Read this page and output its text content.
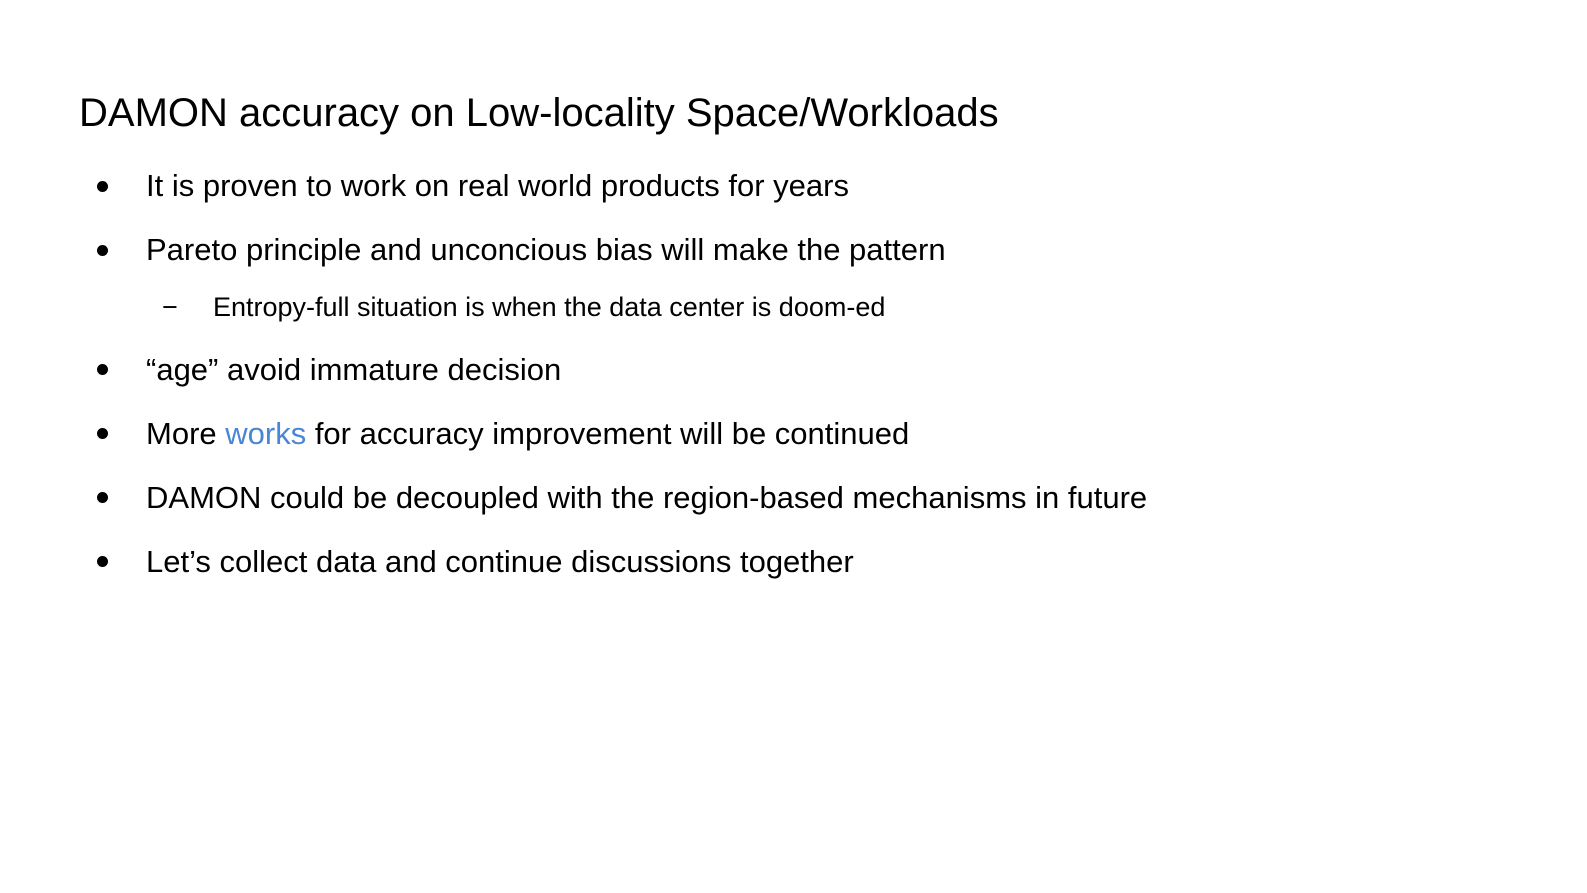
DAMON accuracy on Low-locality Space/Workloads
It is proven to work on real world products for years
Pareto principle and unconcious bias will make the pattern
− Entropy-full situation is when the data center is doom-ed
“age” avoid immature decision
More works for accuracy improvement will be continued
DAMON could be decoupled with the region-based mechanisms in future
Let’s collect data and continue discussions together
